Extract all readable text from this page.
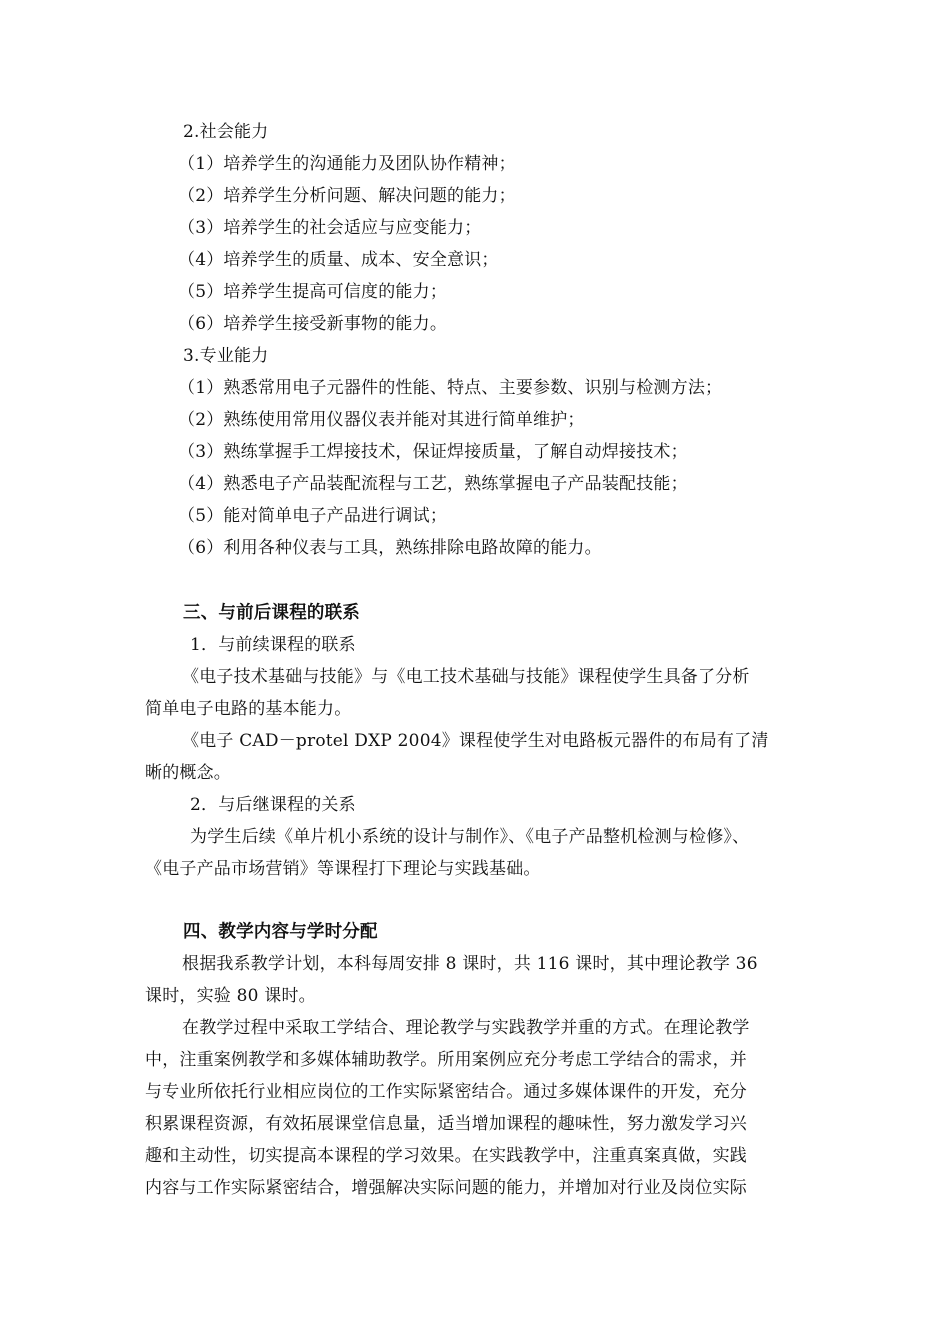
2.社会能力
（1）培养学生的沟通能力及团队协作精神；
（2）培养学生分析问题、解决问题的能力；
（3）培养学生的社会适应与应变能力；
（4）培养学生的质量、成本、安全意识；
（5）培养学生提高可信度的能力；
（6）培养学生接受新事物的能力。
3.专业能力
（1）熟悉常用电子元器件的性能、特点、主要参数、识别与检测方法；
（2）熟练使用常用仪器仪表并能对其进行简单维护；
（3）熟练掌握手工焊接技术，保证焊接质量，了解自动焊接技术；
（4）熟悉电子产品装配流程与工艺，熟练掌握电子产品装配技能；
（5）能对简单电子产品进行调试；
（6）利用各种仪表与工具，熟练排除电路故障的能力。
三、与前后课程的联系
1．与前续课程的联系
《电子技术基础与技能》与《电工技术基础与技能》课程使学生具备了分析
简单电子电路的基本能力。
《电子 CAD－protel DXP 2004》课程使学生对电路板元器件的布局有了清
晰的概念。
2．与后继课程的关系
为学生后续《单片机小系统的设计与制作》、《电子产品整机检测与检修》、
《电子产品市场营销》等课程打下理论与实践基础。
四、教学内容与学时分配
根据我系教学计划，本科每周安排 8 课时，共 116 课时，其中理论教学 36
课时，实验 80 课时。
在教学过程中采取工学结合、理论教学与实践教学并重的方式。在理论教学
中，注重案例教学和多媒体辅助教学。所用案例应充分考虑工学结合的需求，并
与专业所依托行业相应岗位的工作实际紧密结合。通过多媒体课件的开发，充分
积累课程资源，有效拓展课堂信息量，适当增加课程的趣味性，努力激发学习兴
趣和主动性，切实提高本课程的学习效果。在实践教学中，注重真案真做，实践
内容与工作实际紧密结合，增强解决实际问题的能力，并增加对行业及岗位实际
